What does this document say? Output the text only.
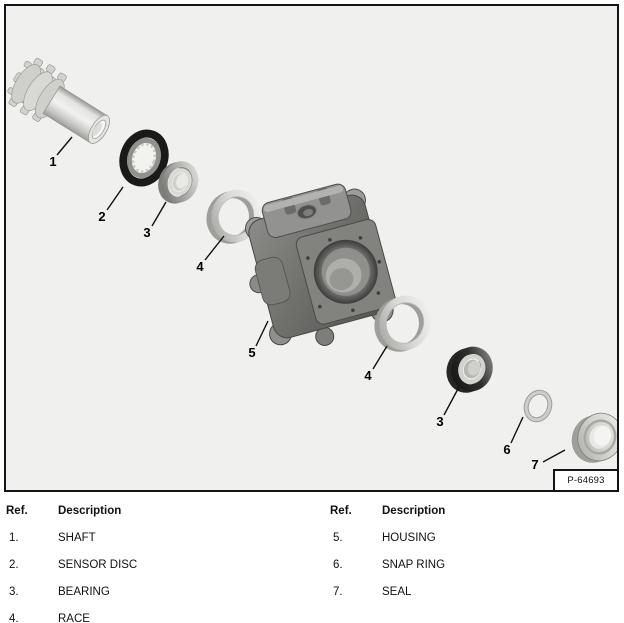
1
2
3
4
5
4
3
6
7
P-64693
Ref.	Description
1.	SHAFT
2.	SENSOR DISC
3.	BEARING
4.	RACE
Ref.	Description
5.	HOUSING
6.	SNAP RING
7.	SEAL
